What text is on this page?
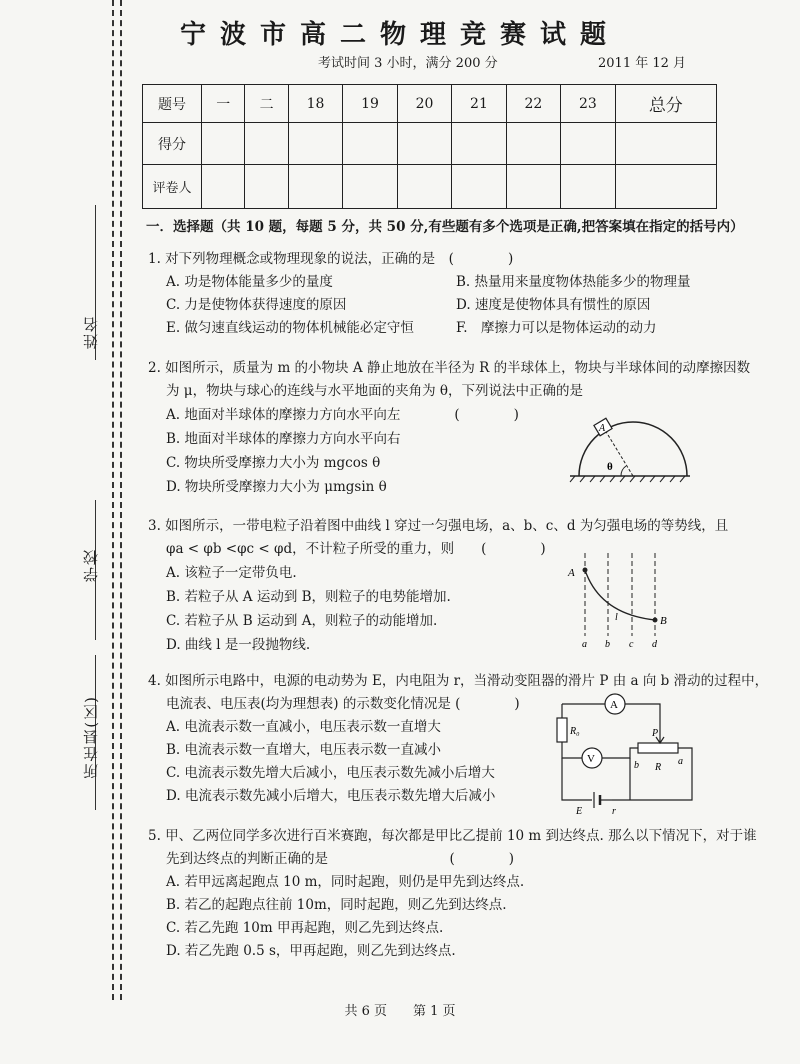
姓名
学校
所在县(区)
宁波市高二物理竞赛试题
考试时间 3 小时，满分 200 分	2011 年 12 月
题号	一	二	18	19	20	21	22	23	总分
得分									
评卷人									
一．选择题（共 10 题，每题 5 分，共 50 分,有些题有多个选项是正确,把答案填在指定的括号内）
1. 对下列物理概念或物理现象的说法，正确的是　(　　　　)
A. 功是物体能量多少的量度	B. 热量用来量度物体热能多少的物理量
C. 力是使物体获得速度的原因	D. 速度是使物体具有惯性的原因
E. 做匀速直线运动的物体机械能必定守恒	F.　摩擦力可以是物体运动的动力
2. 如图所示，质量为 m 的小物块 A 静止地放在半径为 R 的半球体上，物块与半球体间的动摩擦因数
为 μ，物块与球心的连线与水平地面的夹角为 θ，下列说法中正确的是
A. 地面对半球体的摩擦力方向水平向左　　　　(　　　　)
B. 地面对半球体的摩擦力方向水平向右
C. 物块所受摩擦力大小为 mgcos θ
D. 物块所受摩擦力大小为 μmgsin θ
A
θ
3. 如图所示，一带电粒子沿着图中曲线 l 穿过一匀强电场，a、b、c、d 为匀强电场的等势线，且
φa < φb <φc < φd，不计粒子所受的重力，则　　(　　　　)
A. 该粒子一定带负电.
B. 若粒子从 A 运动到 B，则粒子的电势能增加.
C. 若粒子从 B 运动到 A，则粒子的动能增加.
D. 曲线 l 是一段抛物线.
A
B
l
a b c d
4. 如图所示电路中，电源的电动势为 E，内电阻为 r，当滑动变阻器的滑片 P 由 a 向 b 滑动的过程中，
电流表、电压表(均为理想表) 的示数变化情况是 (　　　　)
A. 电流表示数一直减小，电压表示数一直增大
B. 电流表示数一直增大，电压表示数一直减小
C. 电流表示数先增大后减小，电压表示数先减小后增大
D. 电流表示数先减小后增大，电压表示数先增大后减小
A
R₀
V
P
b R
a
E	r
5. 甲、乙两位同学多次进行百米赛跑，每次都是甲比乙提前 10 m 到达终点. 那么以下情况下，对于谁
先到达终点的判断正确的是　　　　　　　　　(　　　　)
A. 若甲远离起跑点 10 m，同时起跑，则仍是甲先到达终点.
B. 若乙的起跑点往前 10m，同时起跑，则乙先到达终点.
C. 若乙先跑 10m 甲再起跑，则乙先到达终点.
D. 若乙先跑 0.5 s，甲再起跑，则乙先到达终点.
共 6 页　　第 1 页
